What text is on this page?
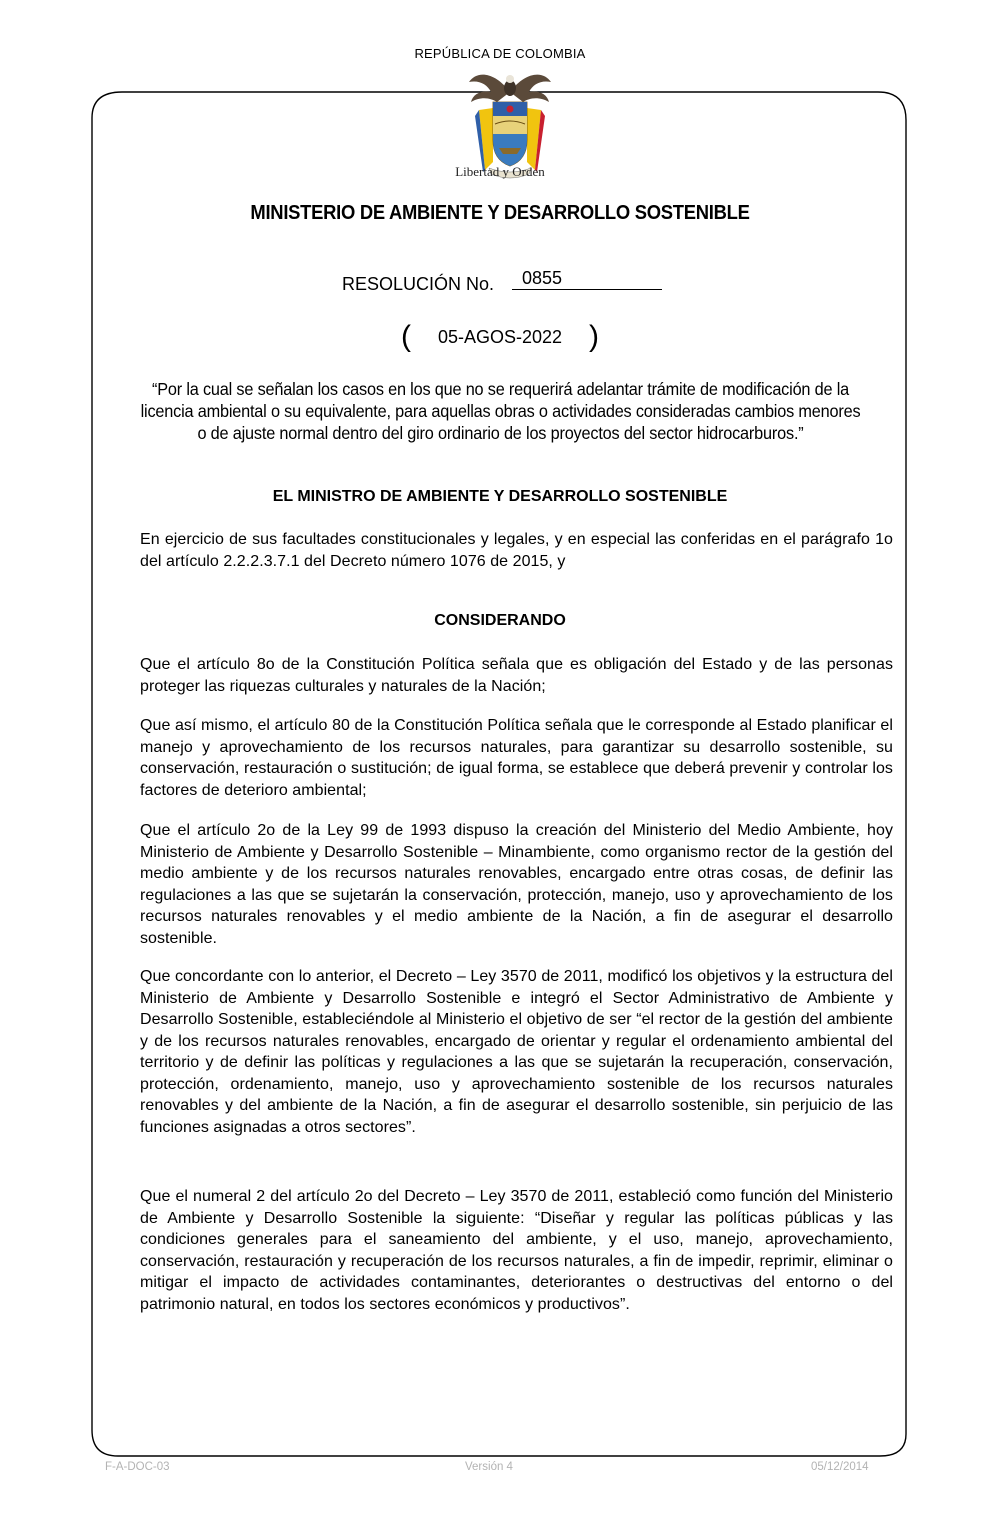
REPÚBLICA DE COLOMBIA
Libertad y Orden
MINISTERIO DE AMBIENTE Y DESARROLLO SOSTENIBLE
RESOLUCIÓN No.	0855
( 05-AGOS-2022 )
“Por la cual se señalan los casos en los que no se requerirá adelantar trámite de modificación de la licencia ambiental o su equivalente, para aquellas obras o actividades consideradas cambios menores o de ajuste normal dentro del giro ordinario de los proyectos del sector hidrocarburos.”
EL MINISTRO DE AMBIENTE Y DESARROLLO SOSTENIBLE
En ejercicio de sus facultades constitucionales y legales, y en especial las conferidas en el parágrafo 1o del artículo 2.2.2.3.7.1 del Decreto número 1076 de 2015, y
CONSIDERANDO
Que el artículo 8o de la Constitución Política señala que es obligación del Estado y de las personas proteger las riquezas culturales y naturales de la Nación;
Que así mismo, el artículo 80 de la Constitución Política señala que le corresponde al Estado planificar el manejo y aprovechamiento de los recursos naturales, para garantizar su desarrollo sostenible, su conservación, restauración o sustitución; de igual forma, se establece que deberá prevenir y controlar los factores de deterioro ambiental;
Que el artículo 2o de la Ley 99 de 1993 dispuso la creación del Ministerio del Medio Ambiente, hoy Ministerio de Ambiente y Desarrollo Sostenible – Minambiente, como organismo rector de la gestión del medio ambiente y de los recursos naturales renovables, encargado entre otras cosas, de definir las regulaciones a las que se sujetarán la conservación, protección, manejo, uso y aprovechamiento de los recursos naturales renovables y el medio ambiente de la Nación, a fin de asegurar el desarrollo sostenible.
Que concordante con lo anterior, el Decreto – Ley 3570 de 2011, modificó los objetivos y la estructura del Ministerio de Ambiente y Desarrollo Sostenible e integró el Sector Administrativo de Ambiente y Desarrollo Sostenible, estableciéndole al Ministerio el objetivo de ser “el rector de la gestión del ambiente y de los recursos naturales renovables, encargado de orientar y regular el ordenamiento ambiental del territorio y de definir las políticas y regulaciones a las que se sujetarán la recuperación, conservación, protección, ordenamiento, manejo, uso y aprovechamiento sostenible de los recursos naturales renovables y del ambiente de la Nación, a fin de asegurar el desarrollo sostenible, sin perjuicio de las funciones asignadas a otros sectores”.
Que el numeral 2 del artículo 2o del Decreto – Ley 3570 de 2011, estableció como función del Ministerio de Ambiente y Desarrollo Sostenible la siguiente: “Diseñar y regular las políticas públicas y las condiciones generales para el saneamiento del ambiente, y el uso, manejo, aprovechamiento, conservación, restauración y recuperación de los recursos naturales, a fin de impedir, reprimir, eliminar o mitigar el impacto de actividades contaminantes, deteriorantes o destructivas del entorno o del patrimonio natural, en todos los sectores económicos y productivos”.
F-A-DOC-03	Versión 4	05/12/2014
